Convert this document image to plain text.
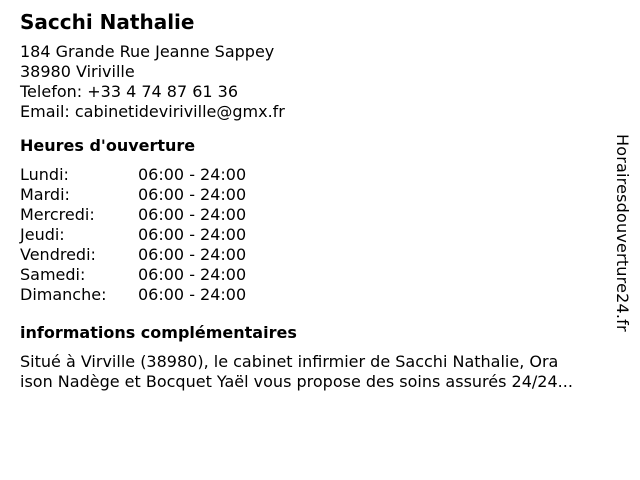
Sacchi Nathalie
184 Grande Rue Jeanne Sappey
38980 Viriville
Telefon: +33 4 74 87 61 36
Email: cabinetideviriville@gmx.fr
Heures d'ouverture
Lundi:	06:00 - 24:00
Mardi:	06:00 - 24:00
Mercredi:	06:00 - 24:00
Jeudi:	06:00 - 24:00
Vendredi:	06:00 - 24:00
Samedi:	06:00 - 24:00
Dimanche:	06:00 - 24:00
informations complémentaires
Situé à Virville (38980), le cabinet infirmier de Sacchi Nathalie, Ora
ison Nadège et Bocquet Yaël vous propose des soins assurés 24/24...
Horairesdouverture24.fr
